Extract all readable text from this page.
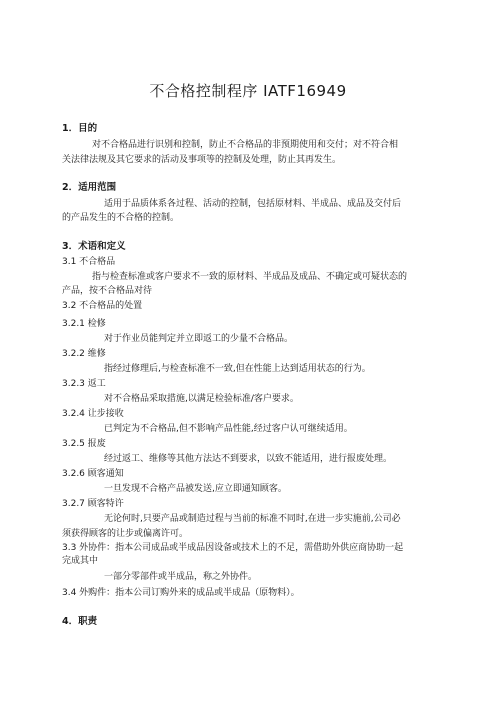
不合格控制程序 IATF16949
1．目的
对不合格品进行识别和控制，防止不合格品的非预期使用和交付；对不符合相
关法律法规及其它要求的活动及事项等的控制及处理，防止其再发生。
2．适用范围
适用于品质体系各过程、活动的控制，包括原材料、半成品、成品及交付后
的产品发生的不合格的控制。
3．术语和定义
3.1 不合格品
指与检查标准或客户要求不一致的原材料、半成品及成品、不确定或可疑状态的
产品，按不合格品对待
3.2 不合格品的处置
3.2.1 检修
对于作业员能判定并立即返工的少量不合格品。
3.2.2 维修
指经过修理后,与检查标准不一致,但在性能上达到适用状态的行为。
3.2.3 返工
对不合格品采取措施,以满足检验标准/客户要求。
3.2.4 让步接收
已判定为不合格品,但不影响产品性能,经过客户认可继续适用。
3.2.5 报废
经过返工、维修等其他方法达不到要求，以致不能适用，进行报废处理。
3.2.6 顾客通知
一旦发现不合格产品被发送,应立即通知顾客。
3.2.7 顾客特许
无论何时,只要产品或制造过程与当前的标准不同时,在进一步实施前,公司必
须获得顾客的让步或偏离许可。
3.3 外协件：指本公司成品或半成品因设备或技术上的不足，需借助外供应商协助一起
完成其中
一部分零部件或半成品，称之外协件。
3.4 外购件：指本公司订购外来的成品或半成品（原物料）。
4．职责
